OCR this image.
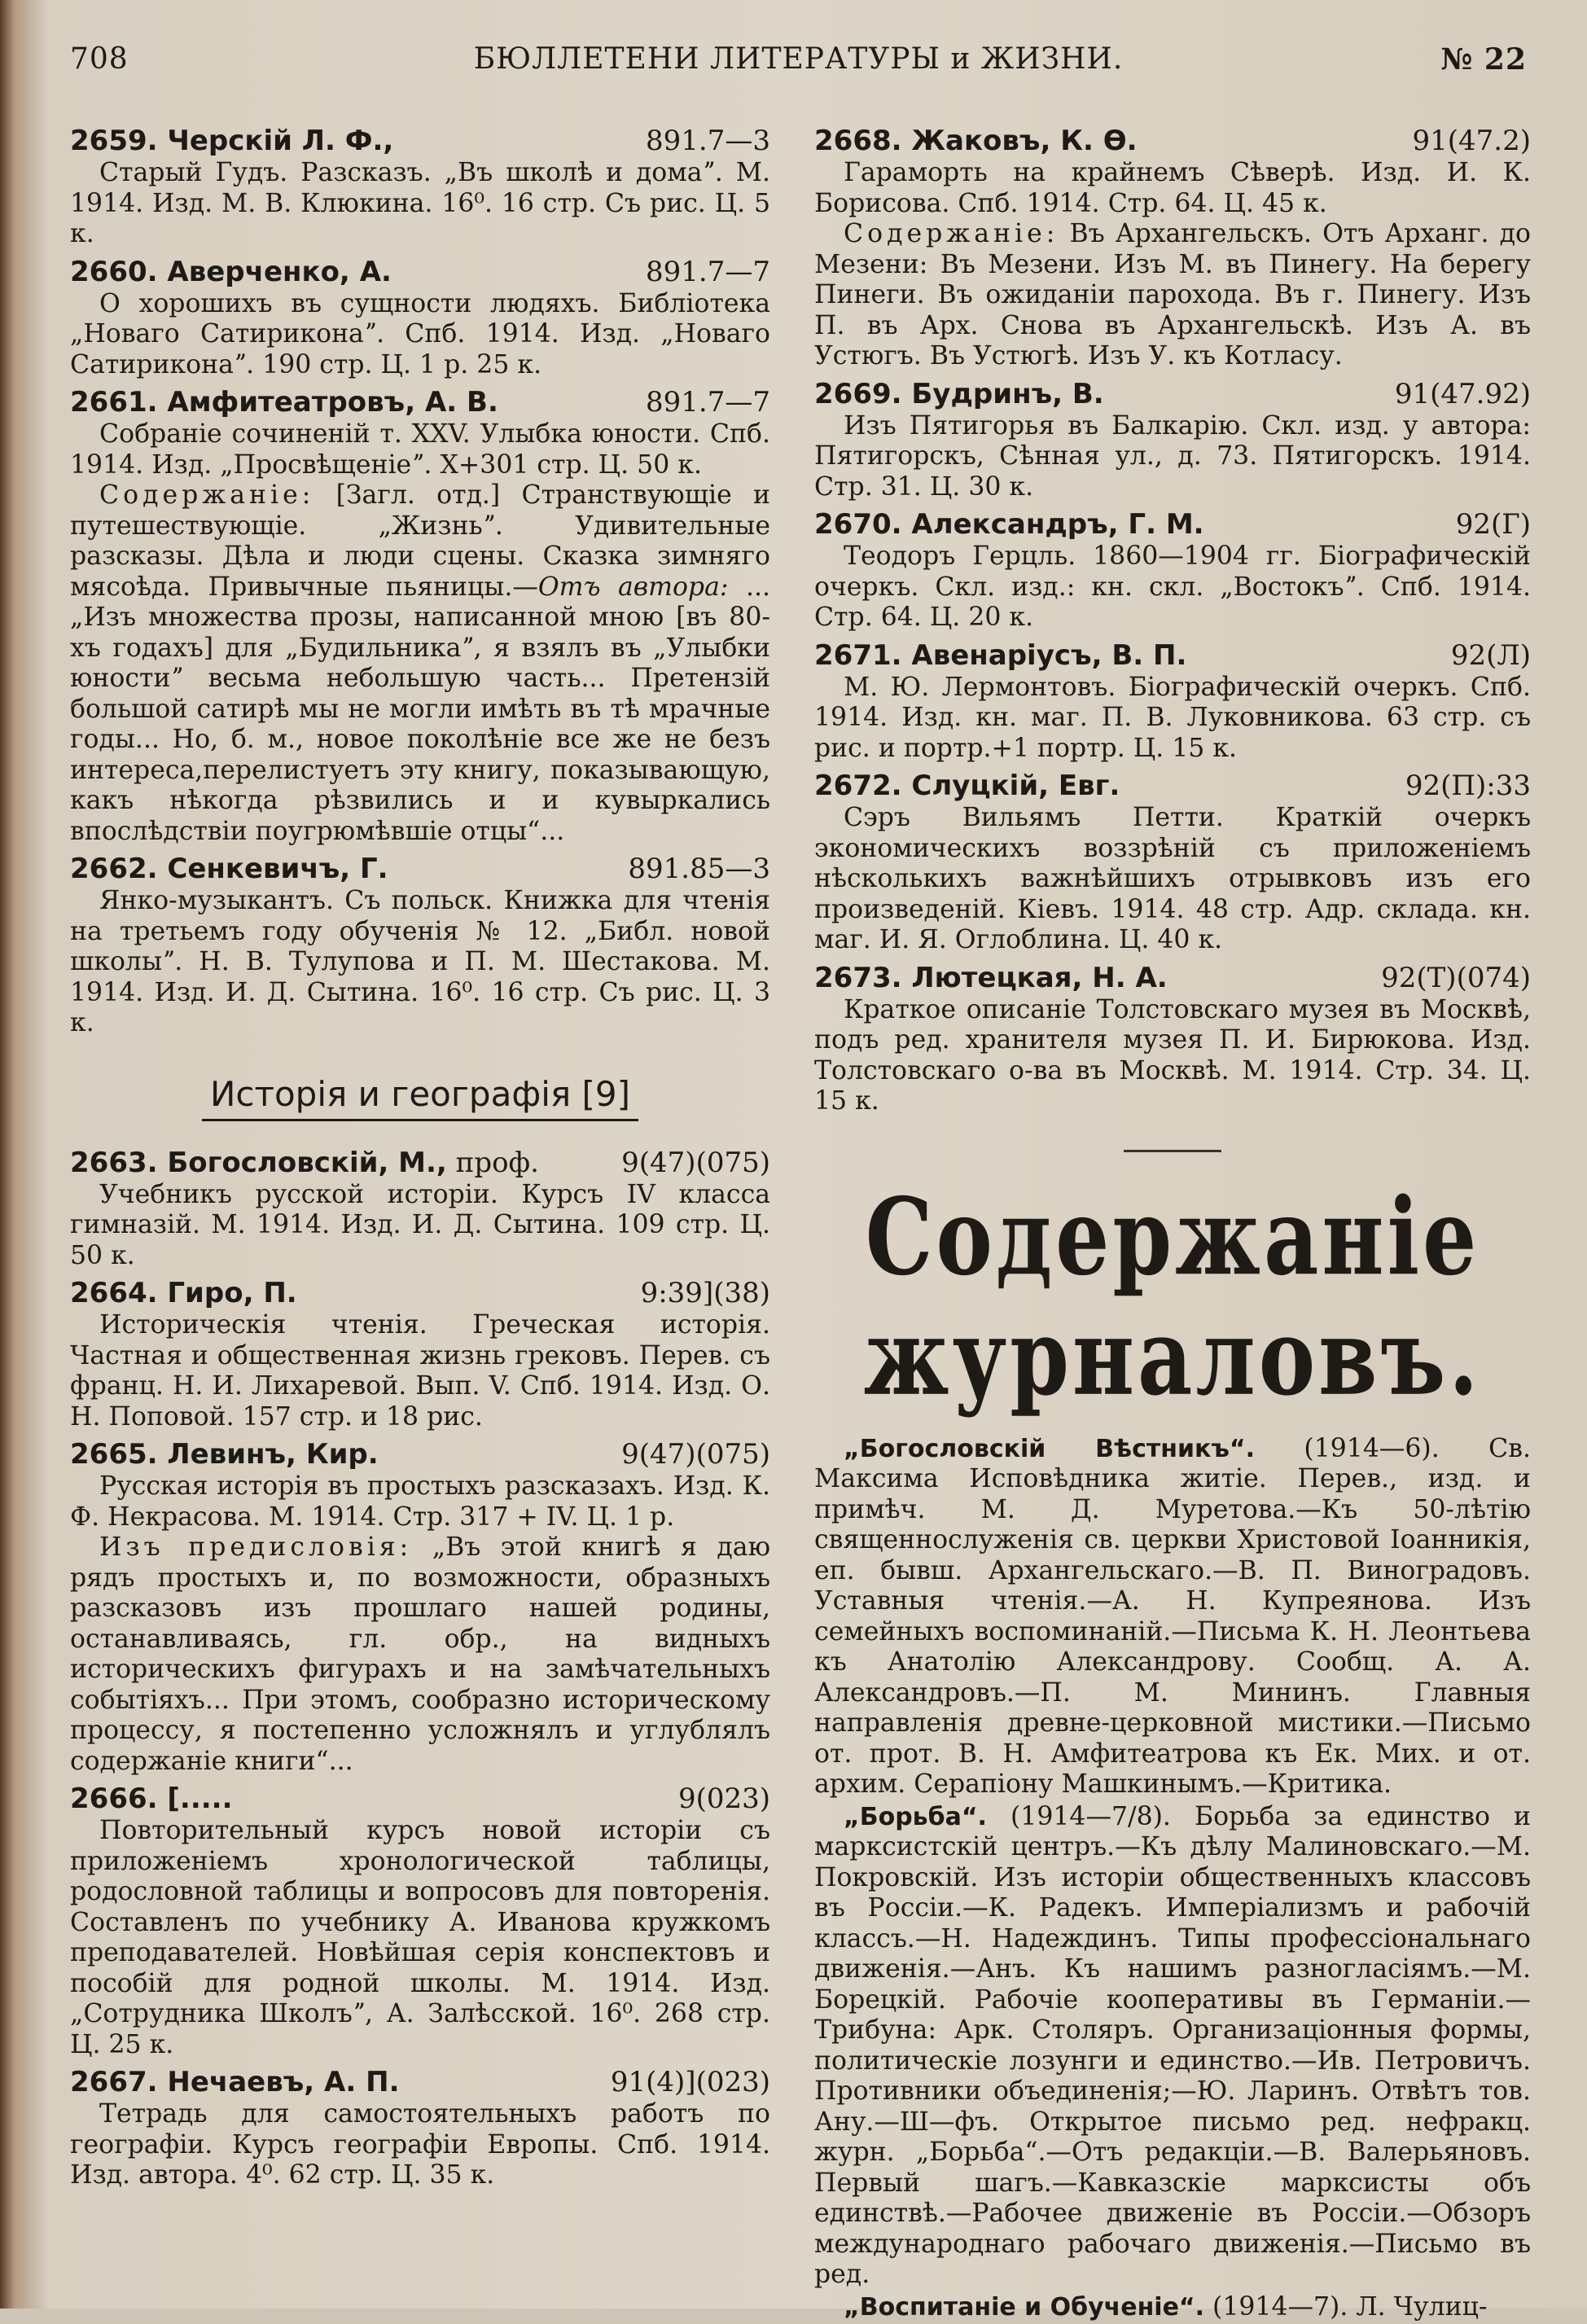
708	БЮЛЛЕТЕНИ ЛИТЕРАТУРЫ и ЖИЗНИ.	№ 22
2659. Черскій Л. Ф.,	891.7—3
Старый Гудъ. Разсказъ. „Въ школѣ и домаˮ. М. 1914. Изд. М. В. Клюкина. 16⁰. 16 стр. Съ рис. Ц. 5 к.
2660. Аверченко, А.	891.7—7
О хорошихъ въ сущности людяхъ. Библіотека „Новаго Сатириконаˮ. Спб. 1914. Изд. „Новаго Сатириконаˮ. 190 стр. Ц. 1 р. 25 к.
2661. Амфитеатровъ, А. В.	891.7—7
Собраніе сочиненій т. XXV. Улыбка юности. Спб. 1914. Изд. „Просвѣщеніеˮ. X+301 стр. Ц. 50 к.
Содержаніе: [Загл. отд.] Странствующіе и путешествующіе. „Жизньˮ. Удивительные разсказы. Дѣла и люди сцены. Сказка зимняго мясоѣда. Привычные пьяницы.—Отъ автора: ...„Изъ множества прозы, написанной мною [въ 80-хъ годахъ] для „Будильникаˮ, я взялъ въ „Улыбки юностиˮ весьма небольшую часть... Претензій большой сатирѣ мы не могли имѣть въ тѣ мрачные годы... Но, б. м., новое поколѣніе все же не безъ интереса,перелистуетъ эту книгу, показывающую, какъ нѣкогда рѣзвились и и кувыркались впослѣдствіи поугрюмѣвшіе отцы“...
2662. Сенкевичъ, Г.	891.85—3
Янко-музыкантъ. Съ польск. Книжка для чтенія на третьемъ году обученія № 12. „Библ. новой школыˮ. Н. В. Тулупова и П. М. Шестакова. М. 1914. Изд. И. Д. Сытина. 16⁰. 16 стр. Съ рис. Ц. 3 к.
Исторія и географія [9]
2663. Богословскій, М., проф.	9(47)(075)
Учебникъ русской исторіи. Курсъ IV класса гимназій. М. 1914. Изд. И. Д. Сытина. 109 стр. Ц. 50 к.
2664. Гиро, П.	9:39](38)
Историческія чтенія. Греческая исторія. Частная и общественная жизнь грековъ. Перев. съ франц. Н. И. Лихаревой. Вып. V. Спб. 1914. Изд. О. Н. Поповой. 157 стр. и 18 рис.
2665. Левинъ, Кир.	9(47)(075)
Русская исторія въ простыхъ разсказахъ. Изд. К. Ф. Некрасова. М. 1914. Стр. 317 + IV. Ц. 1 р.
Изъ предисловія: „Въ этой книгѣ я даю рядъ простыхъ и, по возможности, образныхъ разсказовъ изъ прошлаго нашей родины, останавливаясь, гл. обр., на видныхъ историческихъ фигурахъ и на замѣчательныхъ событіяхъ... При этомъ, сообразно историческому процессу, я постепенно усложнялъ и углублялъ содержаніе книги“...
2666. [.....	9(023)
Повторительный курсъ новой исторіи съ приложеніемъ хронологической таблицы, родословной таблицы и вопросовъ для повторенія. Составленъ по учебнику А. Иванова кружкомъ преподавателей. Новѣйшая серія конспектовъ и пособій для родной школы. М. 1914. Изд. „Сотрудника Школъˮ, А. Залѣсской. 16⁰. 268 стр. Ц. 25 к.
2667. Нечаевъ, А. П.	91(4)](023)
Тетрадь для самостоятельныхъ работъ по географіи. Курсъ географіи Европы. Спб. 1914. Изд. автора. 4⁰. 62 стр. Ц. 35 к.
2668. Жаковъ, К. Ѳ.	91(47.2)
Гараморть на крайнемъ Сѣверѣ. Изд. И. К. Борисова. Спб. 1914. Стр. 64. Ц. 45 к.
Содержаніе: Въ Архангельскъ. Отъ Арханг. до Мезени: Въ Мезени. Изъ М. въ Пинегу. На берегу Пинеги. Въ ожиданіи парохода. Въ г. Пинегу. Изъ П. въ Арх. Снова въ Архангельскѣ. Изъ А. въ Устюгъ. Въ Устюгѣ. Изъ У. къ Котласу.
2669. Будринъ, В.	91(47.92)
Изъ Пятигорья въ Балкарію. Скл. изд. у автора: Пятигорскъ, Сѣнная ул., д. 73. Пятигорскъ. 1914. Стр. 31. Ц. 30 к.
2670. Александръ, Г. М.	92(Г)
Теодоръ Герцль. 1860—1904 гг. Біографическій очеркъ. Скл. изд.: кн. скл. „Востокъˮ. Спб. 1914. Стр. 64. Ц. 20 к.
2671. Авенаріусъ, В. П.	92(Л)
М. Ю. Лермонтовъ. Біографическій очеркъ. Спб. 1914. Изд. кн. маг. П. В. Луковникова. 63 стр. съ рис. и портр.+1 портр. Ц. 15 к.
2672. Слуцкій, Евг.	92(П):33
Сэръ Вильямъ Петти. Краткій очеркъ экономическихъ воззрѣній съ приложеніемъ нѣсколькихъ важнѣйшихъ отрывковъ изъ его произведеній. Кіевъ. 1914. 48 стр. Адр. склада. кн. маг. И. Я. Оглоблина. Ц. 40 к.
2673. Лютецкая, Н. А.	92(Т)(074)
Краткое описаніе Толстовскаго музея въ Москвѣ, подъ ред. хранителя музея П. И. Бирюкова. Изд. Толстовскаго о-ва въ Москвѣ. М. 1914. Стр. 34. Ц. 15 к.
Содержаніе журналовъ.
„Богословскій Вѣстникъ“. (1914—6). Св. Максима Исповѣдника житіе. Перев., изд. и примѣч. М. Д. Муретова.—Къ 50-лѣтію священнослуженія св. церкви Христовой Іоанникія, еп. бывш. Архангельскаго.—В. П. Виноградовъ. Уставныя чтенія.—А. Н. Купреянова. Изъ семейныхъ воспоминаній.—Письма К. Н. Леонтьева къ Анатолію Александрову. Сообщ. А. А. Александровъ.—П. М. Мининъ. Главныя направленія древне-церковной мистики.—Письмо от. прот. В. Н. Амфитеатрова къ Ек. Мих. и от. архим. Серапіону Машкинымъ.—Критика.
„Борьба“. (1914—7/8). Борьба за единство и марксистскій центръ.—Къ дѣлу Малиновскаго.—М. Покровскій. Изъ исторіи общественныхъ классовъ въ Россіи.—К. Радекъ. Имперіализмъ и рабочій классъ.—Н. Надеждинъ. Типы профессіональнаго движенія.—Анъ. Къ нашимъ разногласіямъ.—М. Борецкій. Рабочіе кооперативы въ Германіи.—Трибуна: Арк. Столяръ. Организаціонныя формы, политическіе лозунги и единство.—Ив. Петровичъ. Противники объединенія;—Ю. Ларинъ. Отвѣтъ тов. Ану.—Ш—фъ. Открытое письмо ред. нефракц. журн. „Борьба“.—Отъ редакціи.—В. Валерьяновъ. Первый шагъ.—Кавказскіе марксисты объ единствѣ.—Рабочее движеніе въ Россіи.—Обзоръ международнаго рабочаго движенія.—Письмо въ ред.
„Воспитаніе и Обученіе“. (1914—7). Л. Чулиц-
